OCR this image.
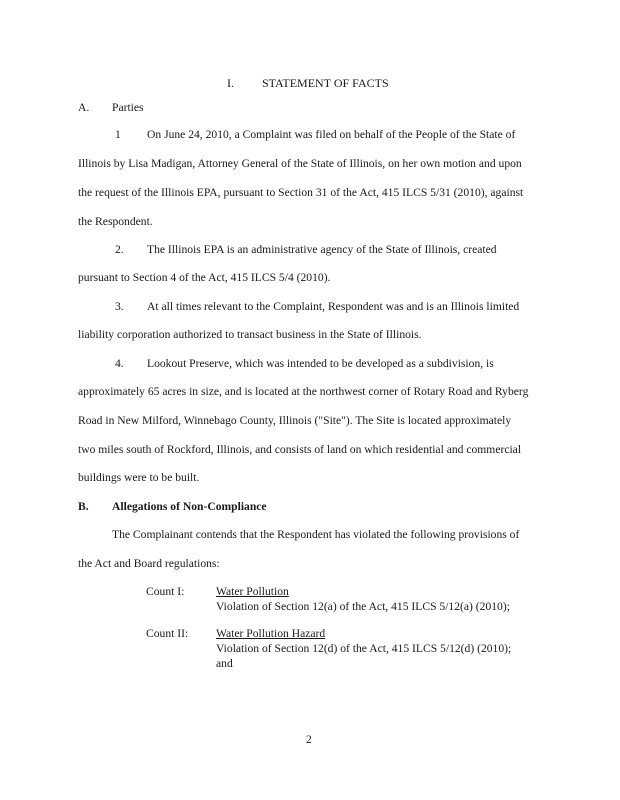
I. STATEMENT OF FACTS
A. Parties
1 On June 24, 2010, a Complaint was filed on behalf of the People of the State of
Illinois by Lisa Madigan, Attorney General of the State of Illinois, on her own motion and upon
the request of the Illinois EPA, pursuant to Section 31 of the Act, 415 ILCS 5/31 (2010), against
the Respondent.
2. The Illinois EPA is an administrative agency of the State of Illinois, created
pursuant to Section 4 of the Act, 415 ILCS 5/4 (2010).
3. At all times relevant to the Complaint, Respondent was and is an Illinois limited
liability corporation authorized to transact business in the State of Illinois.
4. Lookout Preserve, which was intended to be developed as a subdivision, is
approximately 65 acres in size, and is located at the northwest corner of Rotary Road and Ryberg
Road in New Milford, Winnebago County, Illinois ("Site"). The Site is located approximately
two miles south of Rockford, Illinois, and consists of land on which residential and commercial
buildings were to be built.
B. Allegations of Non-Compliance
The Complainant contends that the Respondent has violated the following provisions of
the Act and Board regulations:
Count I:	Water Pollution
Violation of Section 12(a) of the Act, 415 ILCS 5/12(a) (2010);
Count II: Water Pollution Hazard
Violation of Section 12(d) of the Act, 415 ILCS 5/12(d) (2010);
and
2
